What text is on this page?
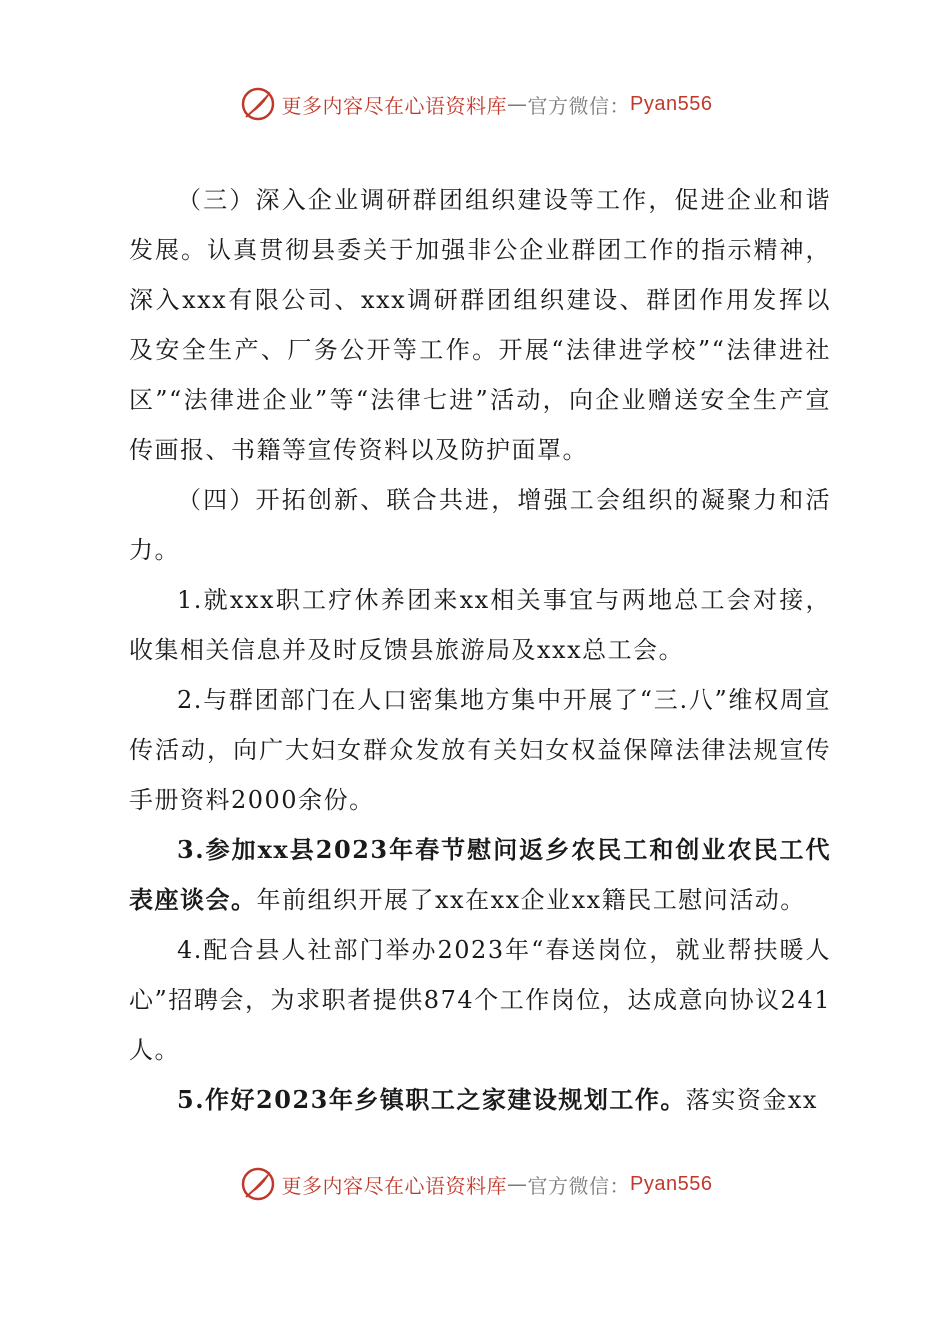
更多内容尽在心语资料库 — 官方微信： Pyan556

（三）深入企业调研群团组织建设等工作，促进企业和谐发展。认真贯彻县委关于加强非公企业群团工作的指示精神，深入xxx有限公司、xxx调研群团组织建设、群团作用发挥以及安全生产、厂务公开等工作。开展“法律进学校”“法律进社区”“法律进企业”等“法律七进”活动，向企业赠送安全生产宣传画报、书籍等宣传资料以及防护面罩。

（四）开拓创新、联合共进，增强工会组织的凝聚力和活力。

1.就xxx职工疗休养团来xx相关事宜与两地总工会对接，收集相关信息并及时反馈县旅游局及xxx总工会。

2.与群团部门在人口密集地方集中开展了“三.八”维权周宣传活动，向广大妇女群众发放有关妇女权益保障法律法规宣传手册资料2000余份。

3.参加xx县2023年春节慰问返乡农民工和创业农民工代表座谈会。年前组织开展了xx在xx企业xx籍民工慰问活动。

4.配合县人社部门举办2023年“春送岗位，就业帮扶暖人心”招聘会，为求职者提供874个工作岗位，达成意向协议241人。

5.作好2023年乡镇职工之家建设规划工作。落实资金xx

更多内容尽在心语资料库 — 官方微信： Pyan556
